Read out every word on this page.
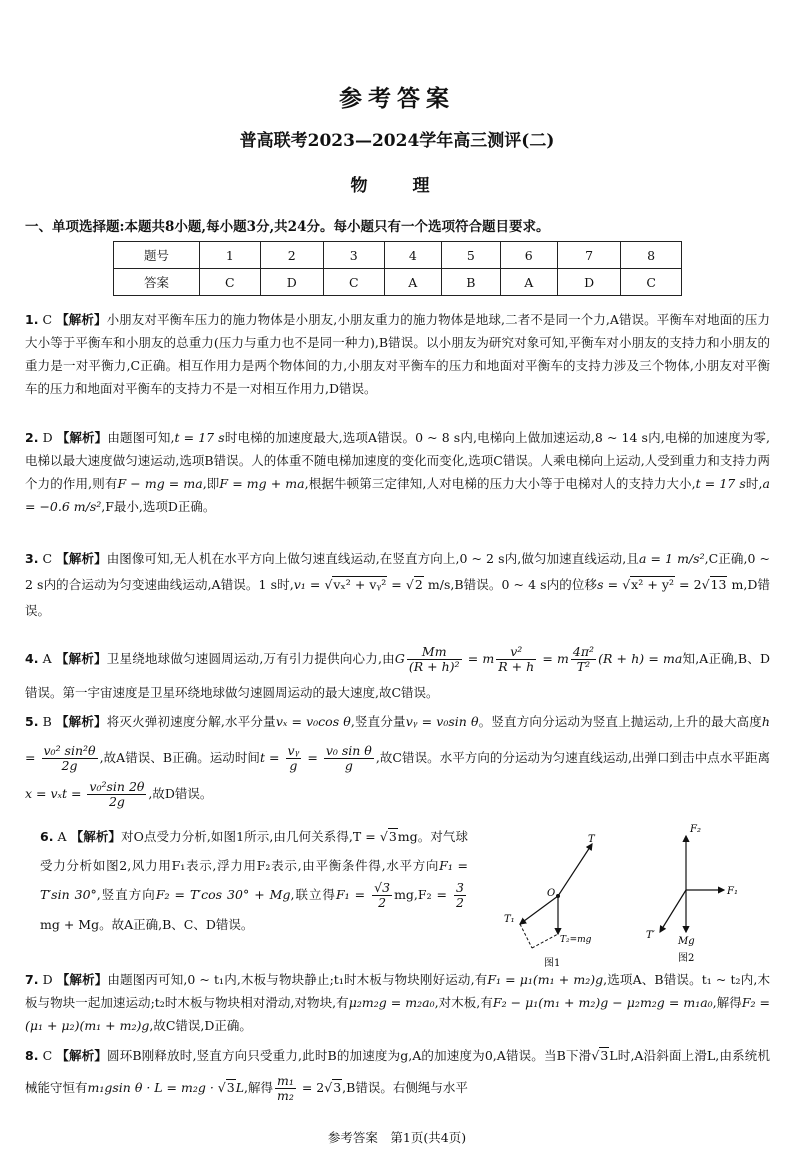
参考答案
普高联考2023—2024学年高三测评(二)
物　理
一、单项选择题:本题共8小题,每小题3分,共24分。每小题只有一个选项符合题目要求。
题号	1	2	3	4	5	6	7	8
答案	C	D	C	A	B	A	D	C
1. C 【解析】小朋友对平衡车压力的施力物体是小朋友,小朋友重力的施力物体是地球,二者不是同一个力,A错误。平衡车对地面的压力大小等于平衡车和小朋友的总重力(压力与重力也不是同一种力),B错误。以小朋友为研究对象可知,平衡车对小朋友的支持力和小朋友的重力是一对平衡力,C正确。相互作用力是两个物体间的力,小朋友对平衡车的压力和地面对平衡车的支持力涉及三个物体,小朋友对平衡车的压力和地面对平衡车的支持力不是一对相互作用力,D错误。
2. D 【解析】由题图可知,t = 17 s时电梯的加速度最大,选项A错误。0 ~ 8 s内,电梯向上做加速运动,8 ~ 14 s内,电梯的加速度为零,电梯以最大速度做匀速运动,选项B错误。人的体重不随电梯加速度的变化而变化,选项C错误。人乘电梯向上运动,人受到重力和支持力两个力的作用,则有F − mg = ma,即F = mg + ma,根据牛顿第三定律知,人对电梯的压力大小等于电梯对人的支持力大小,t = 17 s时,a = −0.6 m/s²,F最小,选项D正确。
3. C 【解析】由图像可知,无人机在水平方向上做匀速直线运动,在竖直方向上,0 ~ 2 s内,做匀加速直线运动,且a = 1 m/s²,C正确,0 ~ 2 s内的合运动为匀变速曲线运动,A错误。1 s时,v₁ = √vₓ² + vᵧ² = √2 m/s,B错误。0 ~ 4 s内的位移s = √x² + y² = 2√13 m,D错误。
4. A 【解析】卫星绕地球做匀速圆周运动,万有引力提供向心力,由G $\frac{Mm}{\text{(R + h)²}} = m \frac{\text{v²}}{R + h} = m \frac{\text{4π²}}{\text{T²}} (R + h)$ = ma知,A正确,B、D错误。第一宇宙速度是卫星环绕地球做匀速圆周运动的最大速度,故C错误。
5. B 【解析】将灭火弹初速度分解,水平分量vₓ = v₀cos θ,竖直分量vᵧ = v₀sin θ。竖直方向分运动为竖直上抛运动,上升的最大高度$h = \frac{\text{v₀² sin²θ}}{2g}$ ,故A错误、B正确。运动时间$t = \frac{\text{vᵧ}}{g} = \frac{\text{v₀ sin θ}}{g}$ ,故C错误。水平方向的分运动为匀速直线运动,出弹口到击中点水平距离$x = v_xt = \frac{\text{v₀²sin 2θ}}{2g}$ ,故D错误。
6. A 【解析】对O点受力分析,如图1所示,由几何关系得,T = √3mg。对气球受力分析如图2,风力用F₁表示,浮力用F₂表示,由平衡条件得,水平方向F₁ = T′sin 30°,竖直方向F₂ = T′cos 30° + Mg,联立得$F_1 = \frac{√3}{2} mg,F_2 = \frac{3}{2}$
mg + Mg。故A正确,B、C、D错误。
T
O
T₁
T₂=mg
图1
F₂
F₁
T′
Mg
图2
7. D 【解析】由题图丙可知,0 ~ t₁内,木板与物块静止;t₁时木板与物块刚好运动,有F₁ = μ₁(m₁ + m₂)g,选项A、B错误。t₁ ~ t₂内,木板与物块一起加速运动;t₂时木板与物块相对滑动,对物块,有μ₂m₂g = m₂a₀,对木板,有F₂ − μ₁(m₁ + m₂)g − μ₂m₂g = m₁a₀,解得F₂ = (μ₁ + μ₂)(m₁ + m₂)g,故C错误,D正确。
8. C 【解析】圆环B刚释放时,竖直方向只受重力,此时B的加速度为g,A的加速度为0,A错误。当B下滑√3L时,A沿斜面上滑L,由系统机械能守恒有m₁gsin θ · L = m₂g · √3L,解得 $\frac{\text{m₁}}{\text{m₂}} = 2√3,B$错误。右侧绳与水平
参考答案　第1页(共4页)
